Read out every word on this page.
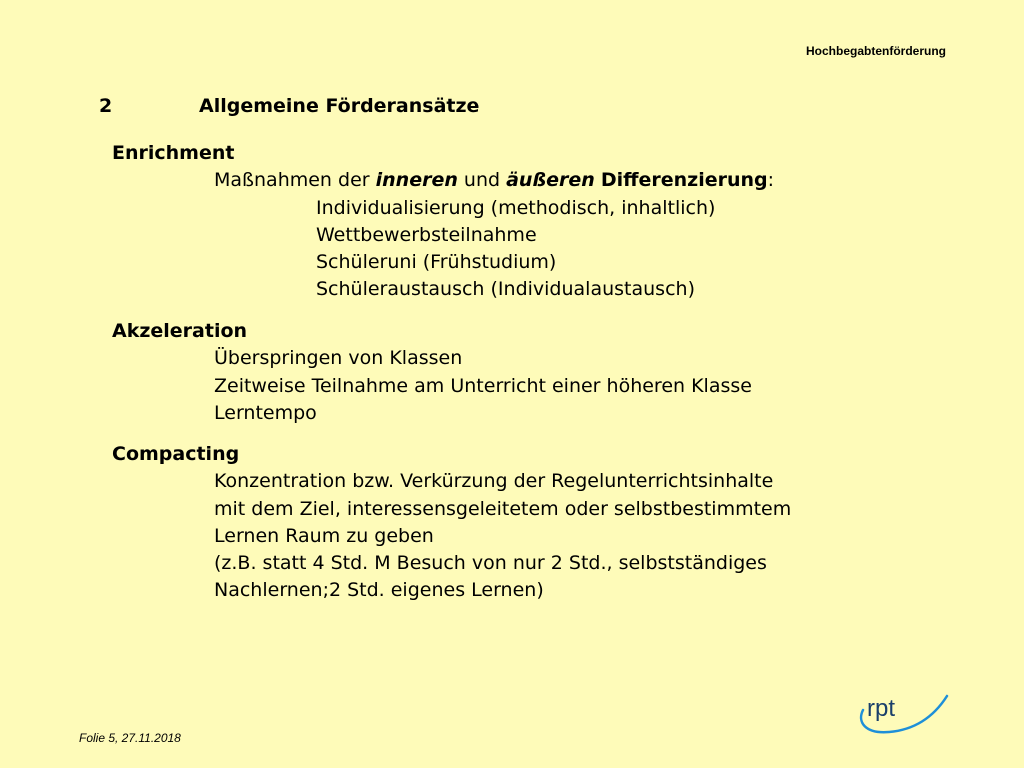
Hochbegabtenförderung
2	Allgemeine Förderansätze
Enrichment
Maßnahmen der inneren und äußeren Differenzierung:
Individualisierung (methodisch, inhaltlich)
Wettbewerbsteilnahme
Schüleruni (Frühstudium)
Schüleraustausch (Individualaustausch)
Akzeleration
Überspringen von Klassen
Zeitweise Teilnahme am Unterricht einer höheren Klasse
Lerntempo
Compacting
Konzentration bzw. Verkürzung der Regelunterrichtsinhalte
mit dem Ziel, interessensgeleitetem oder selbstbestimmtem
Lernen Raum zu geben
(z.B. statt 4 Std. M Besuch von nur 2 Std., selbstständiges
Nachlernen;2 Std. eigenes Lernen)
Folie 5, 27.11.2018
rpt
